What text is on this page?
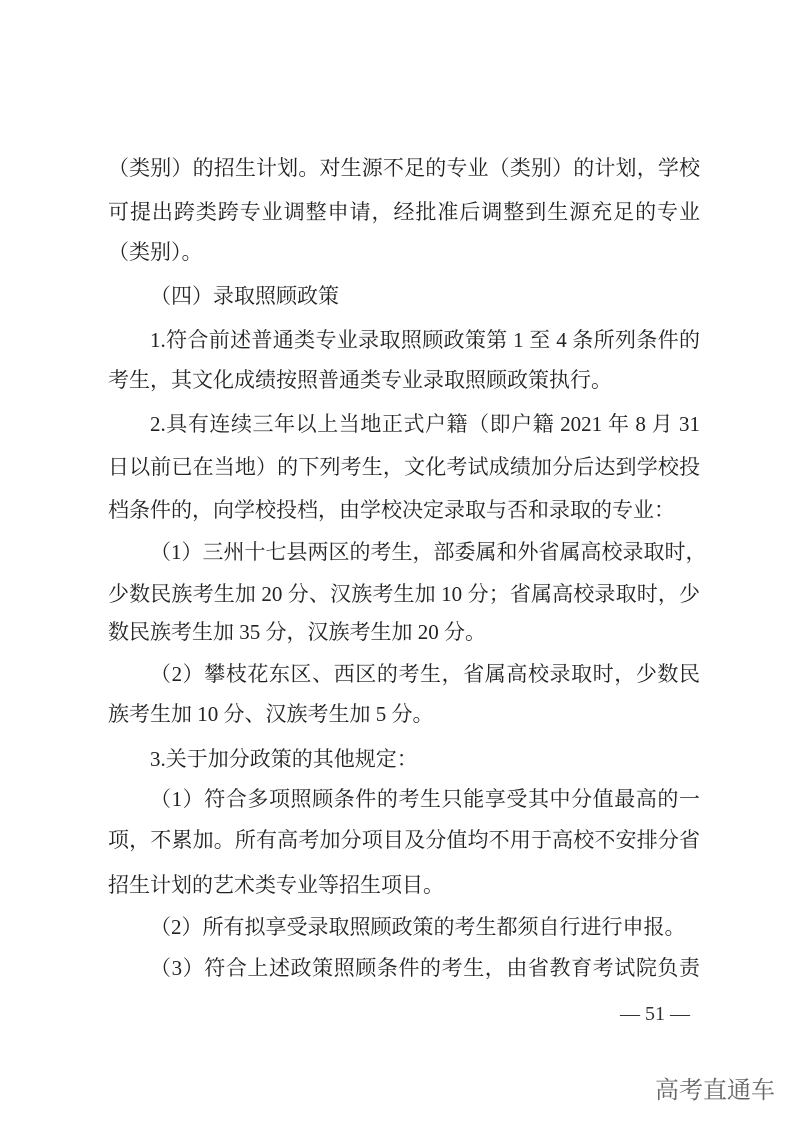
（类别）的招生计划。对生源不足的专业（类别）的计划，学校
可提出跨类跨专业调整申请，经批准后调整到生源充足的专业
（类别）。
（四）录取照顾政策
1.符合前述普通类专业录取照顾政策第 1 至 4 条所列条件的
考生，其文化成绩按照普通类专业录取照顾政策执行。
2.具有连续三年以上当地正式户籍（即户籍 2021 年 8 月 31
日以前已在当地）的下列考生，文化考试成绩加分后达到学校投
档条件的，向学校投档，由学校决定录取与否和录取的专业：
（1）三州十七县两区的考生，部委属和外省属高校录取时，
少数民族考生加 20 分、汉族考生加 10 分；省属高校录取时，少
数民族考生加 35 分，汉族考生加 20 分。
（2）攀枝花东区、西区的考生，省属高校录取时，少数民
族考生加 10 分、汉族考生加 5 分。
3.关于加分政策的其他规定：
（1）符合多项照顾条件的考生只能享受其中分值最高的一
项，不累加。所有高考加分项目及分值均不用于高校不安排分省
招生计划的艺术类专业等招生项目。
（2）所有拟享受录取照顾政策的考生都须自行进行申报。
（3）符合上述政策照顾条件的考生，由省教育考试院负责
— 51 —
高考直通车
